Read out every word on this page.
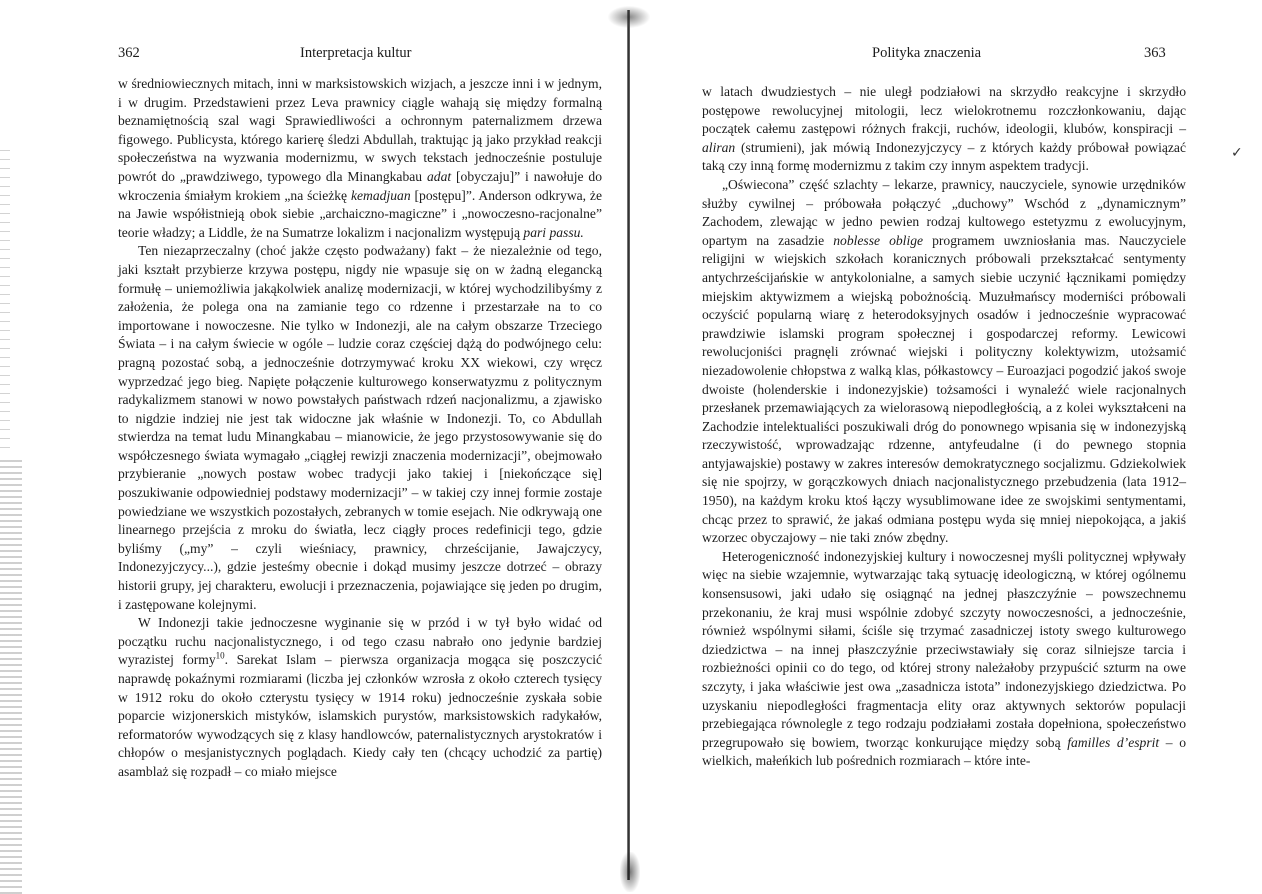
362	Interpretacja kultur

w średniowiecznych mitach, inni w marksistowskich wizjach, a jeszcze inni i w jednym, i w drugim. Przedstawieni przez Leva prawnicy ciągle wahają się między formalną beznamiętnością szal wagi Sprawiedliwości a ochronnym paternalizmem drzewa figowego. Publicysta, którego karierę śledzi Abdullah, traktując ją jako przykład reakcji społeczeństwa na wyzwania modernizmu, w swych tekstach jednocześnie postuluje powrót do „prawdziwego, typowego dla Minangkabau adat [obyczaju]” i nawołuje do wkroczenia śmiałym krokiem „na ścieżkę kemadjuan [postępu]”. Anderson odkrywa, że na Jawie współistnieją obok siebie „archaiczno-magiczne” i „nowoczesno-racjonalne” teorie władzy; a Liddle, że na Sumatrze lokalizm i nacjonalizm występują pari passu.

Ten niezaprzeczalny (choć jakże często podważany) fakt – że niezależnie od tego, jaki kształt przybierze krzywa postępu, nigdy nie wpasuje się on w żadną elegancką formułę – uniemożliwia jakąkolwiek analizę modernizacji, w której wychodzilibyśmy z założenia, że polega ona na zamianie tego co rdzenne i przestarzałe na to co importowane i nowoczesne. Nie tylko w Indonezji, ale na całym obszarze Trzeciego Świata – i na całym świecie w ogóle – ludzie coraz częściej dążą do podwójnego celu: pragną pozostać sobą, a jednocześnie dotrzymywać kroku XX wiekowi, czy wręcz wyprzedzać jego bieg. Napięte połączenie kulturowego konserwatyzmu z politycznym radykalizmem stanowi w nowo powstałych państwach rdzeń nacjonalizmu, a zjawisko to nigdzie indziej nie jest tak widoczne jak właśnie w Indonezji. To, co Abdullah stwierdza na temat ludu Minangkabau – mianowicie, że jego przystosowywanie się do współczesnego świata wymagało „ciągłej rewizji znaczenia modernizacji”, obejmowało przybieranie „nowych postaw wobec tradycji jako takiej i [niekończące się] poszukiwanie odpowiedniej podstawy modernizacji” – w takiej czy innej formie zostaje powiedziane we wszystkich pozostałych, zebranych w tomie esejach. Nie odkrywają one linearnego przejścia z mroku do światła, lecz ciągły proces redefinicji tego, gdzie byliśmy („my” – czyli wieśniacy, prawnicy, chrześcijanie, Jawajczycy, Indonezyjczycy...), gdzie jesteśmy obecnie i dokąd musimy jeszcze dotrzeć – obrazy historii grupy, jej charakteru, ewolucji i przeznaczenia, pojawiające się jeden po drugim, i zastępowane kolejnymi.

W Indonezji takie jednoczesne wyginanie się w przód i w tył było widać od początku ruchu nacjonalistycznego, i od tego czasu nabrało ono jedynie bardziej wyrazistej formy$^{10}$. Sarekat Islam – pierwsza organizacja mogąca się poszczycić naprawdę pokaźnymi rozmiarami (liczba jej członków wzrosła z około czterech tysięcy w 1912 roku do około czterystu tysięcy w 1914 roku) jednocześnie zyskała sobie poparcie wizjonerskich mistyków, islamskich purystów, marksistowskich radykałów, reformatorów wywodzących się z klasy handlowców, paternalistycznych arystokratów i chłopów o mesjanistycznych poglądach. Kiedy cały ten (chcący uchodzić za partię) asamblaż się rozpadł – co miało miejsce

Polityka znaczenia	363

w latach dwudziestych – nie uległ podziałowi na skrzydło reakcyjne i skrzydło postępowe rewolucyjnej mitologii, lecz wielokrotnemu rozczłonkowaniu, dając początek całemu zastępowi różnych frakcji, ruchów, ideologii, klubów, konspiracji – aliran (strumieni), jak mówią Indonezyjczycy – z których każdy próbował powiązać taką czy inną formę modernizmu z takim czy innym aspektem tradycji.

„Oświecona” część szlachty – lekarze, prawnicy, nauczyciele, synowie urzędników służby cywilnej – próbowała połączyć „duchowy” Wschód z „dynamicznym” Zachodem, zlewając w jedno pewien rodzaj kultowego estetyzmu z ewolucyjnym, opartym na zasadzie noblesse oblige programem uwzniosłania mas. Nauczyciele religijni w wiejskich szkołach koranicznych próbowali przekształcać sentymenty antychrześcijańskie w antykolonialne, a samych siebie uczynić łącznikami pomiędzy miejskim aktywizmem a wiejską pobożnością. Muzułmańscy moderniści próbowali oczyścić popularną wiarę z heterodoksyjnych osadów i jednocześnie wypracować prawdziwie islamski program społecznej i gospodarczej reformy. Lewicowi rewolucjoniści pragnęli zrównać wiejski i polityczny kolektywizm, utożsamić niezadowolenie chłopstwa z walką klas, półkastowcy – Euroazjaci pogodzić jakoś swoje dwoiste (holenderskie i indonezyjskie) tożsamości i wynaleźć wiele racjonalnych przesłanek przemawiających za wielorasową niepodległością, a z kolei wykształceni na Zachodzie intelektualiści poszukiwali dróg do ponownego wpisania się w indonezyjską rzeczywistość, wprowadzając rdzenne, antyfeudalne (i do pewnego stopnia antyjawajskie) postawy w zakres interesów demokratycznego socjalizmu. Gdziekolwiek się nie spojrzy, w gorączkowych dniach nacjonalistycznego przebudzenia (lata 1912–1950), na każdym kroku ktoś łączy wysublimowane idee ze swojskimi sentymentami, chcąc przez to sprawić, że jakaś odmiana postępu wyda się mniej niepokojąca, a jakiś wzorzec obyczajowy – nie taki znów zbędny.

Heterogeniczność indonezyjskiej kultury i nowoczesnej myśli politycznej wpływały więc na siebie wzajemnie, wytwarzając taką sytuację ideologiczną, w której ogólnemu konsensusowi, jaki udało się osiągnąć na jednej płaszczyźnie – powszechnemu przekonaniu, że kraj musi wspólnie zdobyć szczyty nowoczesności, a jednocześnie, również wspólnymi siłami, ściśle się trzymać zasadniczej istoty swego kulturowego dziedzictwa – na innej płaszczyźnie przeciwstawiały się coraz silniejsze tarcia i rozbieżności opinii co do tego, od której strony należałoby przypuścić szturm na owe szczyty, i jaka właściwie jest owa „zasadnicza istota” indonezyjskiego dziedzictwa. Po uzyskaniu niepodległości fragmentacja elity oraz aktywnych sektorów populacji przebiegająca równolegle z tego rodzaju podziałami została dopełniona, społeczeństwo przegrupowało się bowiem, tworząc konkurujące między sobą familles d’esprit – o wielkich, małeńkich lub pośrednich rozmiarach – które inte-

✓
